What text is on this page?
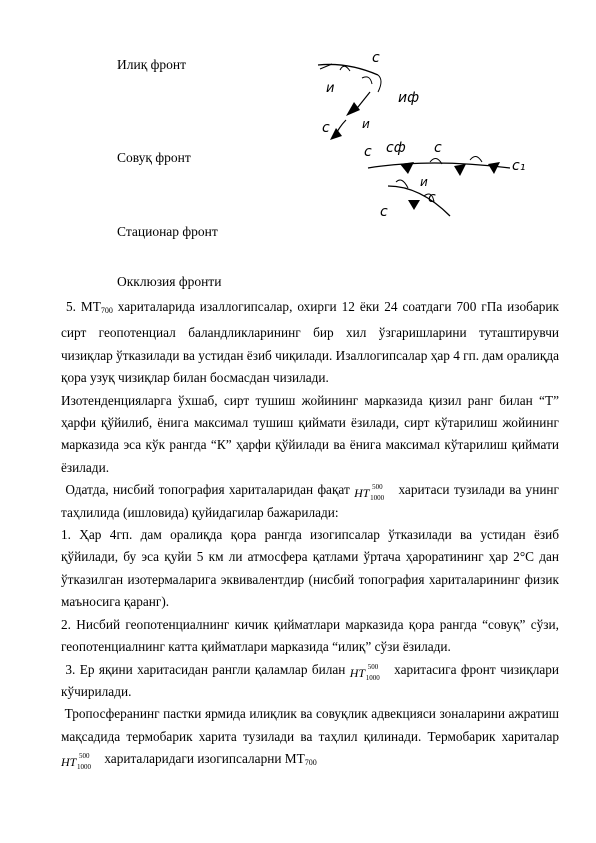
Илиқ фронт
Совуқ фронт
Стационар фронт
Окклюзия фронти
с
и
с	и
иф
с сф с
и
с₁
с
с

5. $МТ_{700}$ хариталарида изаллогипсалар, охирги 12 ёки 24 соатдаги 700 гПа изобарик сирт геопотенциал баландликларининг бир хил ўзгаришларини туташтирувчи чизиқлар ўтказилади ва устидан ёзиб чиқилади. Изаллогипсалар ҳар 4 гп. дам оралиқда қора узуқ чизиқлар билан босмасдан чизилади.

Изотенденцияларга ўхшаб, сирт тушиш жойининг марказида қизил ранг билан “Т” ҳарфи қўйилиб, ёнига максимал тушиш қиймати ёзилади, сирт кўтарилиш жойининг марказида эса кўк рангда “К” ҳарфи қўйилади ва ёнига максимал кўтарилиш қиймати ёзилади.

Одатда, нисбий топография хариталаридан фақат НТ 500
1000
харитаси тузилади ва унинг таҳлилида (ишловида) қуйидагилар бажарилади:

1. Ҳар 4гп. дам оралиқда қора рангда изогипсалар ўтказилади ва устидан ёзиб қўйилади, бу эса қуйи 5 км ли атмосфера қатлами ўртача ҳароратининг ҳар 2°С дан ўтказилган изотермаларига эквивалентдир (нисбий топография хариталарининг физик маъносига қаранг).

2. Нисбий геопотенциалнинг кичик қийматлари марказида қора рангда “совуқ” сўзи, геопотенциалнинг катта қийматлари марказида “илиқ” сўзи ёзилади.

3. Ер яқини харитасидан рангли қаламлар билан НТ 500
1000
харитасига фронт чизиқлари кўчирилади.

Тропосферанинг пастки ярмида илиқлик ва совуқлик адвекцияси зоналарини ажратиш мақсадида термобарик харита тузилади ва таҳлил қилинади. Термобарик хариталар
НТ 500
1000
хариталаридаги изогипсаларни $МТ_{700}$
